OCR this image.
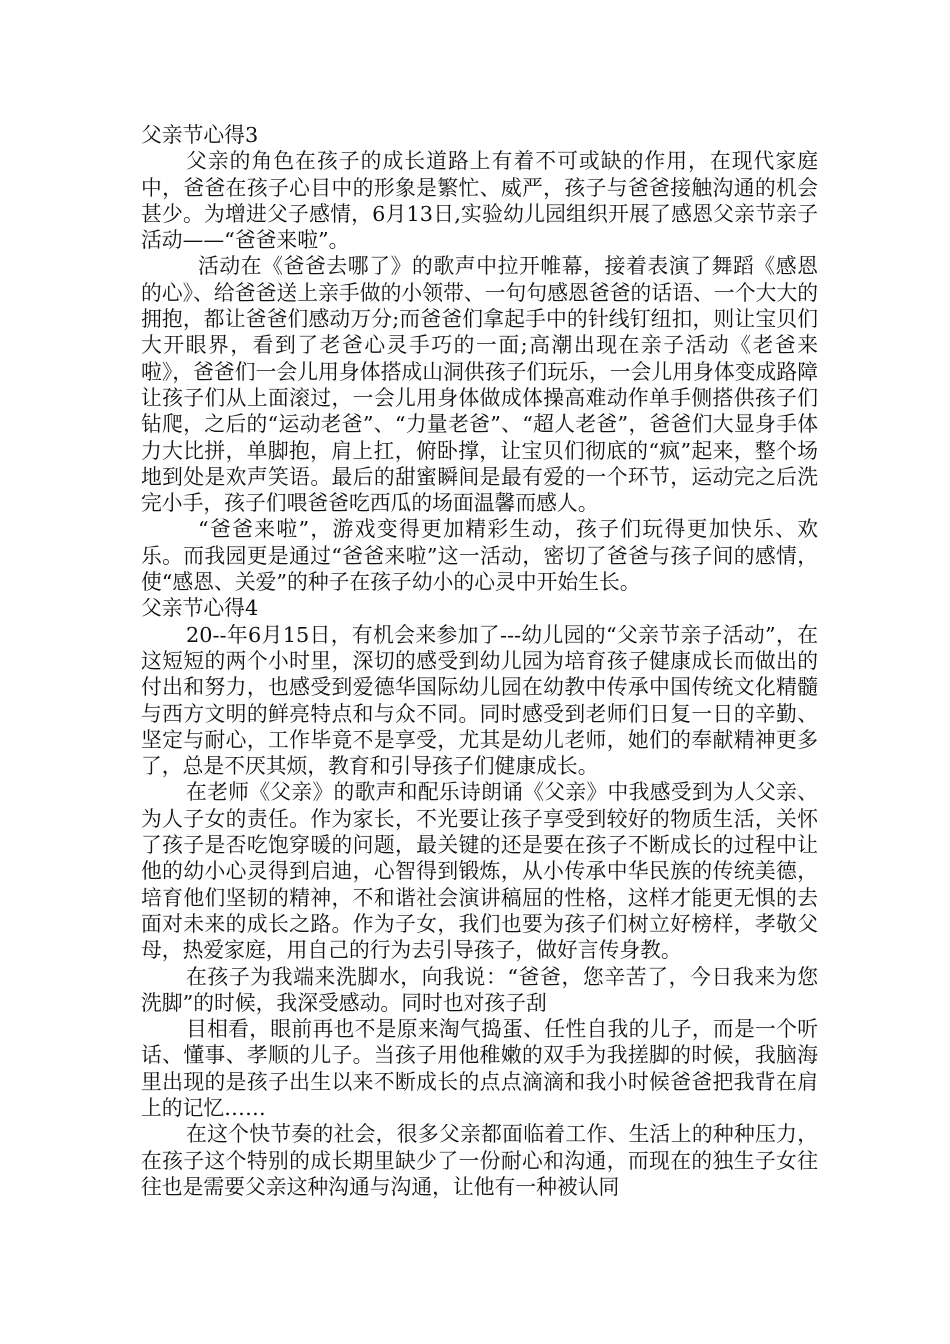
父亲节心得3

父亲的角色在孩子的成长道路上有着不可或缺的作用，在现代家庭中，爸爸在孩子心目中的形象是繁忙、威严，孩子与爸爸接触沟通的机会甚少。为增进父子感情，6月13日,实验幼儿园组织开展了感恩父亲节亲子活动——“爸爸来啦”。

活动在《爸爸去哪了》的歌声中拉开帷幕，接着表演了舞蹈《感恩的心》、给爸爸送上亲手做的小领带、一句句感恩爸爸的话语、一个大大的拥抱，都让爸爸们感动万分;而爸爸们拿起手中的针线钉纽扣，则让宝贝们大开眼界，看到了老爸心灵手巧的一面;高潮出现在亲子活动《老爸来啦》，爸爸们一会儿用身体搭成山洞供孩子们玩乐，一会儿用身体变成路障让孩子们从上面滚过，一会儿用身体做成体操高难动作单手侧搭供孩子们钻爬，之后的“运动老爸”、“力量老爸”、“超人老爸”，爸爸们大显身手体力大比拼，单脚抱，肩上扛，俯卧撑，让宝贝们彻底的“疯”起来，整个场地到处是欢声笑语。最后的甜蜜瞬间是最有爱的一个环节，运动完之后洗完小手，孩子们喂爸爸吃西瓜的场面温馨而感人。

“爸爸来啦”，游戏变得更加精彩生动，孩子们玩得更加快乐、欢乐。而我园更是通过“爸爸来啦”这一活动，密切了爸爸与孩子间的感情，使“感恩、关爱”的种子在孩子幼小的心灵中开始生长。

父亲节心得4

20--年6月15日，有机会来参加了---幼儿园的“父亲节亲子活动”，在这短短的两个小时里，深切的感受到幼儿园为培育孩子健康成长而做出的付出和努力，也感受到爱德华国际幼儿园在幼教中传承中国传统文化精髓与西方文明的鲜亮特点和与众不同。同时感受到老师们日复一日的辛勤、坚定与耐心，工作毕竟不是享受，尤其是幼儿老师，她们的奉献精神更多了，总是不厌其烦，教育和引导孩子们健康成长。

在老师《父亲》的歌声和配乐诗朗诵《父亲》中我感受到为人父亲、为人子女的责任。作为家长，不光要让孩子享受到较好的物质生活，关怀了孩子是否吃饱穿暖的问题，最关键的还是要在孩子不断成长的过程中让他的幼小心灵得到启迪，心智得到锻炼，从小传承中华民族的传统美德，培育他们坚韧的精神，不和谐社会演讲稿屈的性格，这样才能更无惧的去面对未来的成长之路。作为子女，我们也要为孩子们树立好榜样，孝敬父母，热爱家庭，用自己的行为去引导孩子，做好言传身教。

在孩子为我端来洗脚水，向我说：“爸爸，您辛苦了，今日我来为您洗脚”的时候，我深受感动。同时也对孩子刮

目相看，眼前再也不是原来淘气捣蛋、任性自我的儿子，而是一个听话、懂事、孝顺的儿子。当孩子用他稚嫩的双手为我搓脚的时候，我脑海里出现的是孩子出生以来不断成长的点点滴滴和我小时候爸爸把我背在肩上的记忆……

在这个快节奏的社会，很多父亲都面临着工作、生活上的种种压力，在孩子这个特别的成长期里缺少了一份耐心和沟通，而现在的独生子女往往也是需要父亲这种沟通与沟通，让他有一种被认同
